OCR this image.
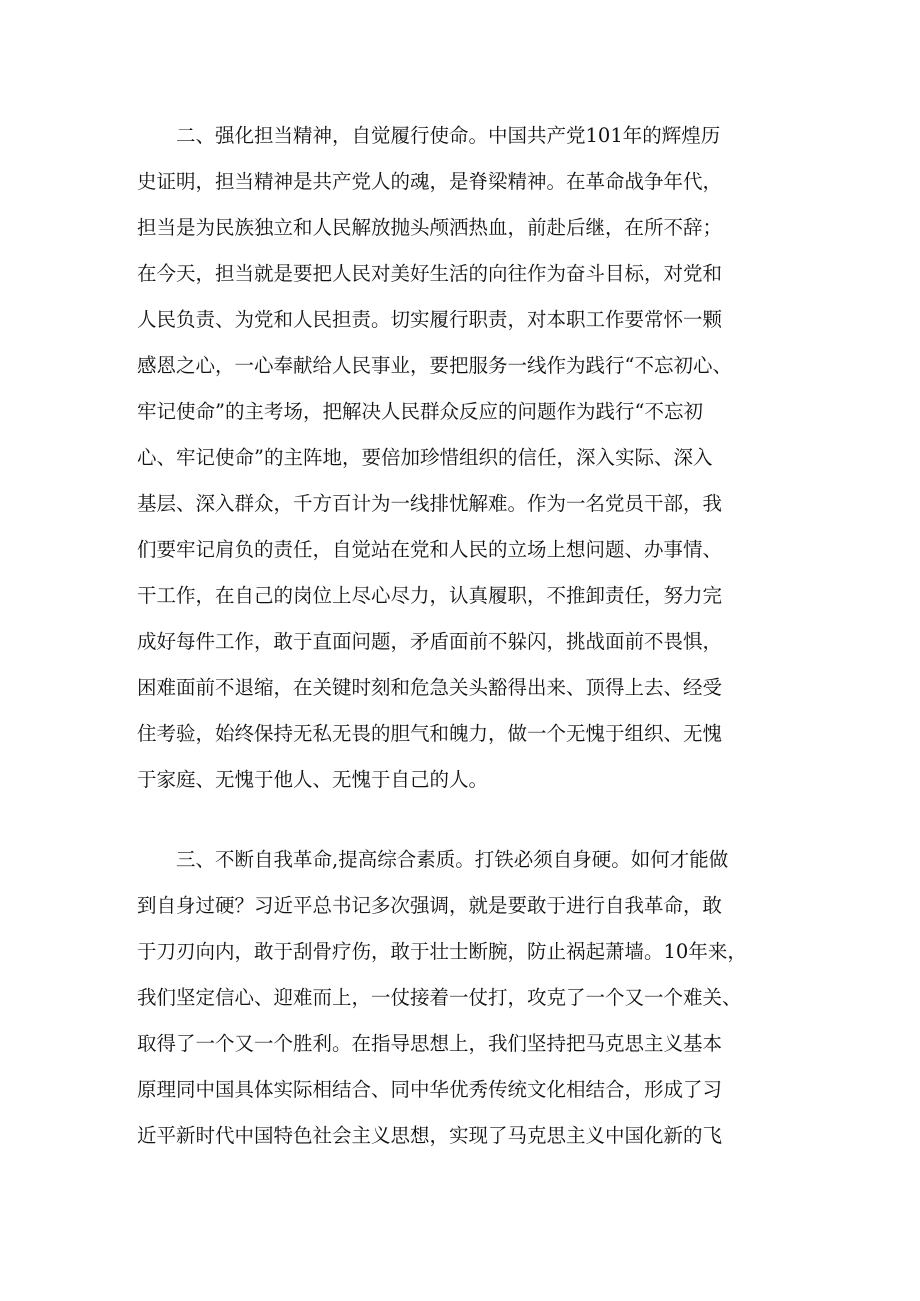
　　二、强化担当精神，自觉履行使命。中国共产党101年的辉煌历
史证明，担当精神是共产党人的魂，是脊梁精神。在革命战争年代，
担当是为民族独立和人民解放抛头颅洒热血，前赴后继，在所不辞；
在今天，担当就是要把人民对美好生活的向往作为奋斗目标，对党和
人民负责、为党和人民担责。切实履行职责，对本职工作要常怀一颗
感恩之心，一心奉献给人民事业，要把服务一线作为践行“不忘初心、
牢记使命”的主考场，把解决人民群众反应的问题作为践行“不忘初
心、牢记使命”的主阵地，要倍加珍惜组织的信任，深入实际、深入
基层、深入群众，千方百计为一线排忧解难。作为一名党员干部，我
们要牢记肩负的责任，自觉站在党和人民的立场上想问题、办事情、
干工作，在自己的岗位上尽心尽力，认真履职，不推卸责任，努力完
成好每件工作，敢于直面问题，矛盾面前不躲闪，挑战面前不畏惧，
困难面前不退缩，在关键时刻和危急关头豁得出来、顶得上去、经受
住考验，始终保持无私无畏的胆气和魄力，做一个无愧于组织、无愧
于家庭、无愧于他人、无愧于自己的人。
　　三、不断自我革命,提高综合素质。打铁必须自身硬。如何才能做
到自身过硬？习近平总书记多次强调，就是要敢于进行自我革命，敢
于刀刃向内，敢于刮骨疗伤，敢于壮士断腕，防止祸起萧墙。10年来，
我们坚定信心、迎难而上，一仗接着一仗打，攻克了一个又一个难关、
取得了一个又一个胜利。在指导思想上，我们坚持把马克思主义基本
原理同中国具体实际相结合、同中华优秀传统文化相结合，形成了习
近平新时代中国特色社会主义思想，实现了马克思主义中国化新的飞
